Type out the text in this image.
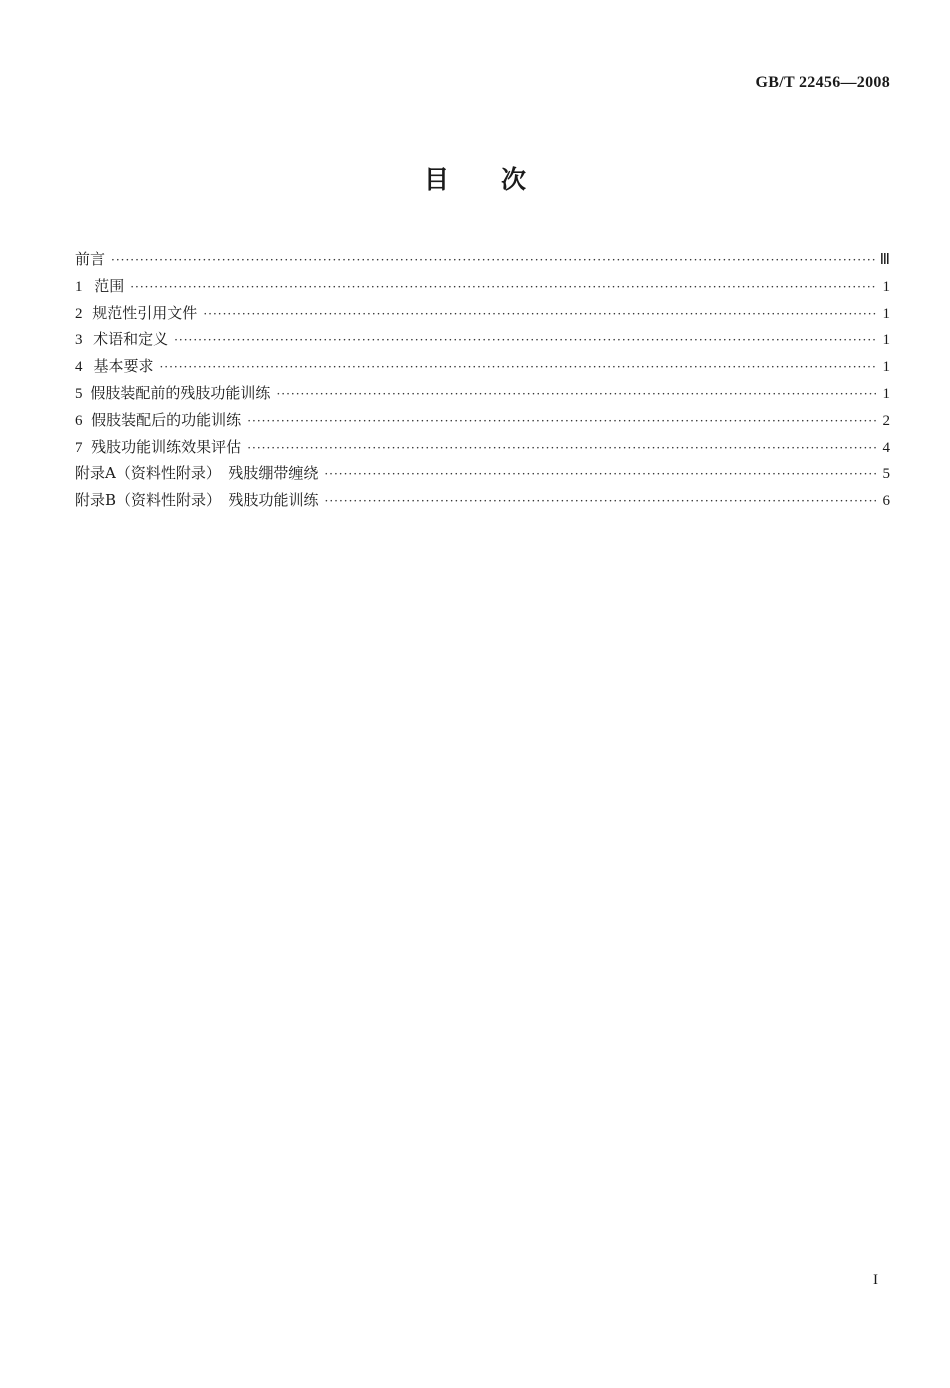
GB/T 22456—2008
目次
前言 ·····	Ⅲ
1 范围 ·····	1
2 规范性引用文件 ·····	1
3 术语和定义 ·····	1
4 基本要求 ·····	1
5 假肢装配前的残肢功能训练 ·····	1
6 假肢装配后的功能训练 ·····	2
7 残肢功能训练效果评估 ·····	4
附录A（资料性附录）　残肢绷带缠绕 ·····	5
附录B（资料性附录）　残肢功能训练 ·····	6
I
